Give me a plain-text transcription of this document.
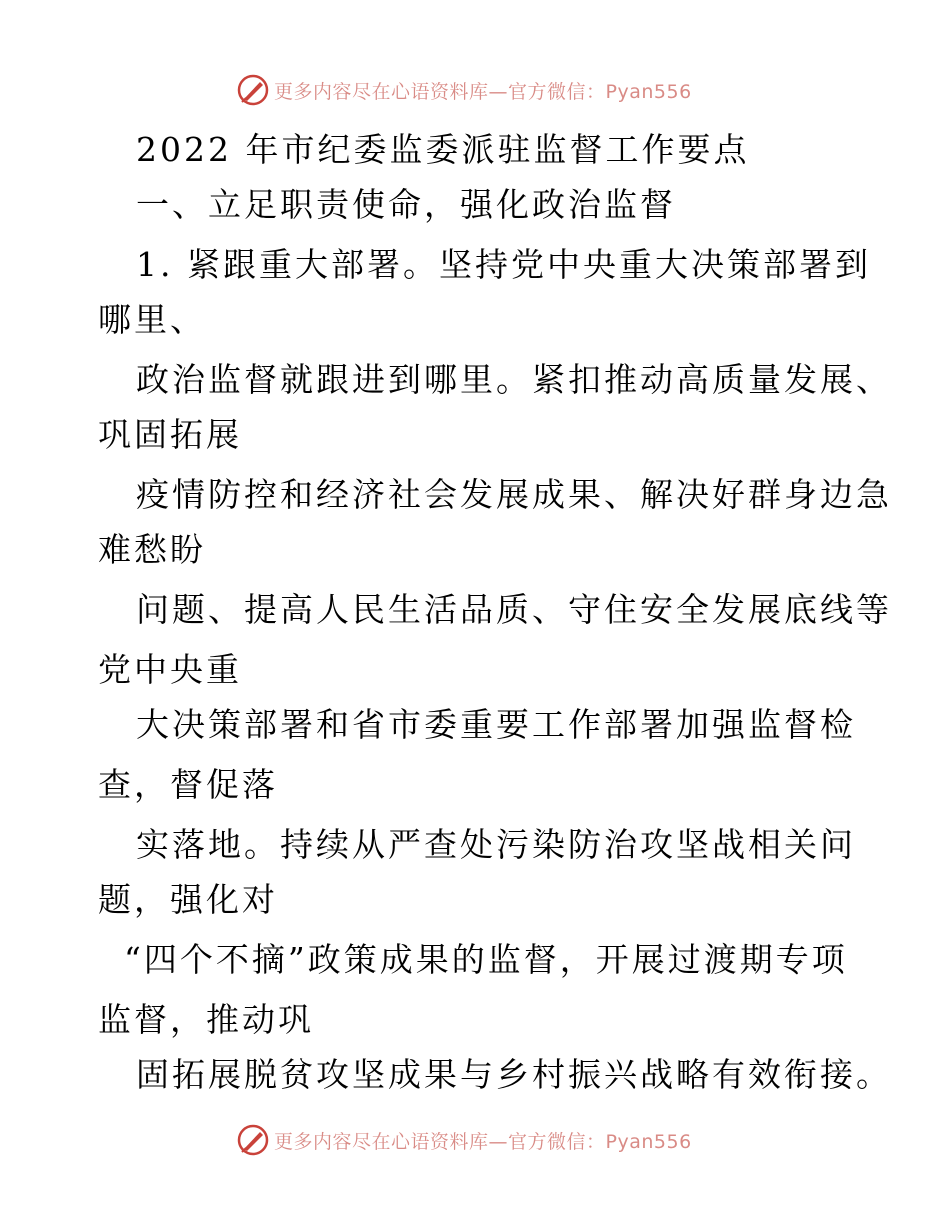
更多内容尽在心语资料库—官方微信：Pyan556
2022 年市纪委监委派驻监督工作要点
一、立足职责使命，强化政治监督
1. 紧跟重大部署。坚持党中央重大决策部署到
哪里、
政治监督就跟进到哪里。紧扣推动高质量发展、
巩固拓展
疫情防控和经济社会发展成果、解决好群身边急
难愁盼
问题、提高人民生活品质、守住安全发展底线等
党中央重
大决策部署和省市委重要工作部署加强监督检
查，督促落
实落地。持续从严查处污染防治攻坚战相关问
题，强化对
“四个不摘”政策成果的监督，开展过渡期专项
监督，推动巩
固拓展脱贫攻坚成果与乡村振兴战略有效衔接。
更多内容尽在心语资料库—官方微信：Pyan556
